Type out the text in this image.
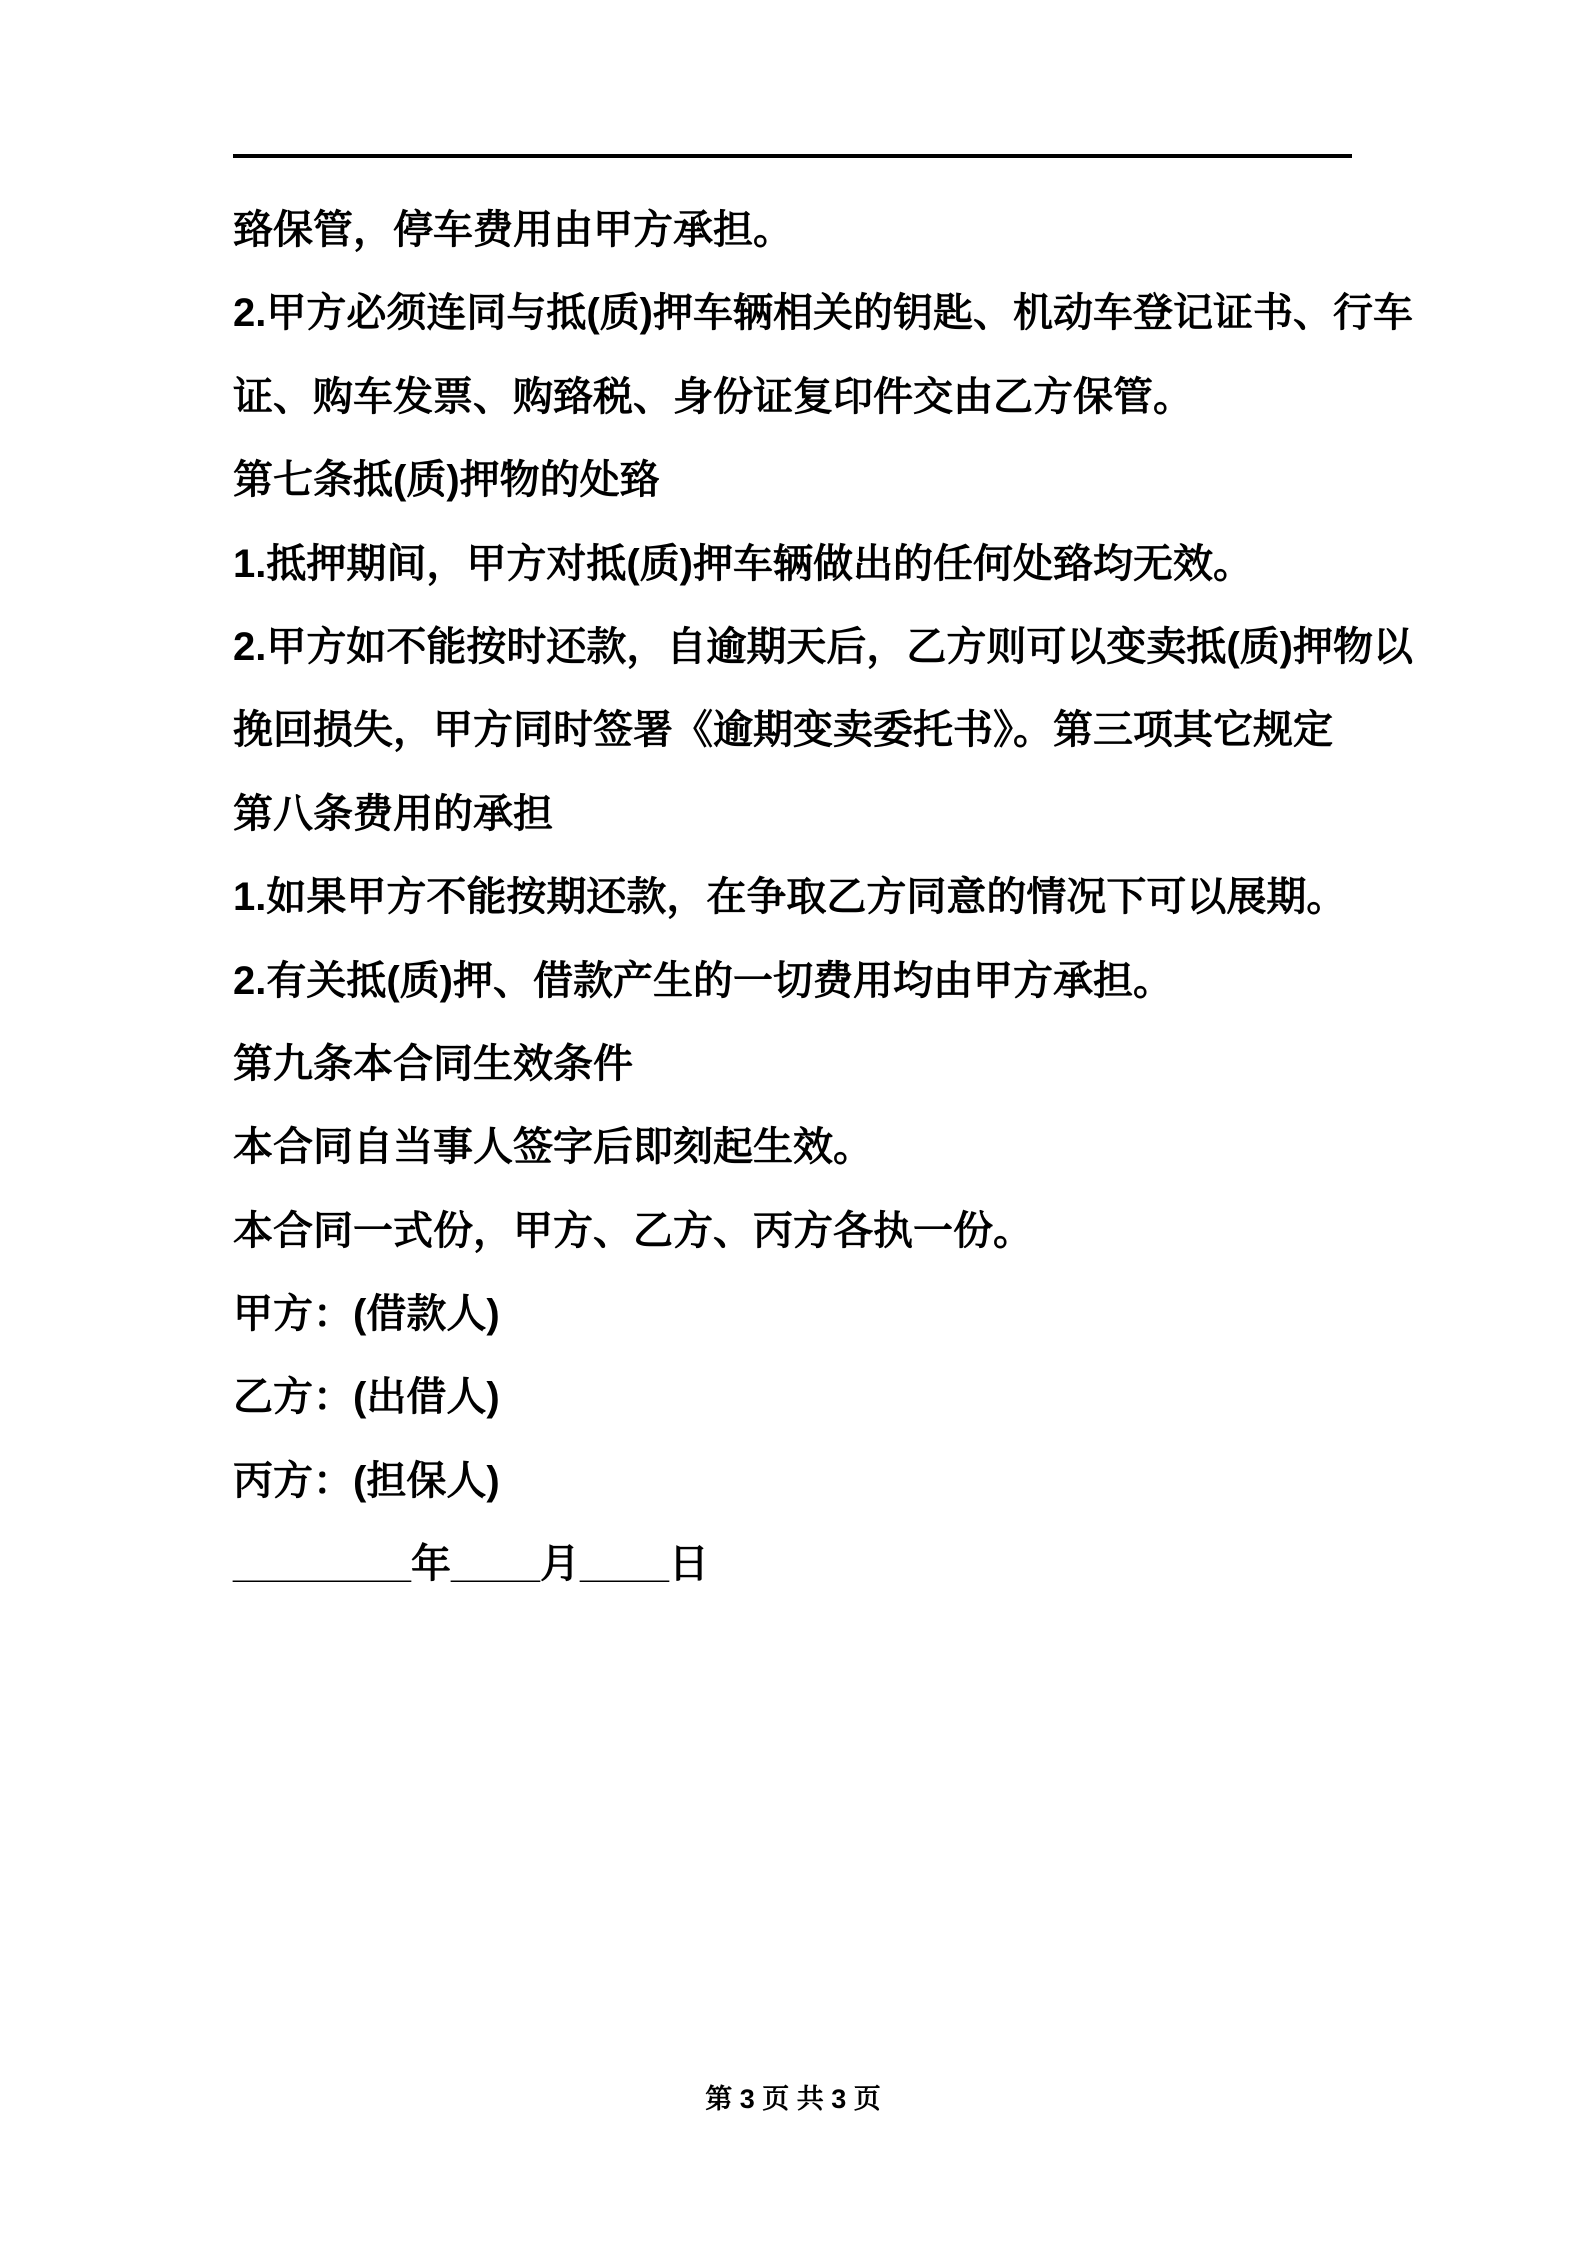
臵保管，停车费用由甲方承担。
2.甲方必须连同与抵(质)押车辆相关的钥匙、机动车登记证书、行车
证、购车发票、购臵税、身份证复印件交由乙方保管。
第七条抵(质)押物的处臵
1.抵押期间，甲方对抵(质)押车辆做出的任何处臵均无效。
2.甲方如不能按时还款，自逾期天后，乙方则可以变卖抵(质)押物以
挽回损失，甲方同时签署《逾期变卖委托书》。第三项其它规定
第八条费用的承担
1.如果甲方不能按期还款，在争取乙方同意的情况下可以展期。
2.有关抵(质)押、借款产生的一切费用均由甲方承担。
第九条本合同生效条件
本合同自当事人签字后即刻起生效。
本合同一式份，甲方、乙方、丙方各执一份。
甲方：(借款人)
乙方：(出借人)
丙方：(担保人)
________年____月____日
第 3 页 共 3 页
